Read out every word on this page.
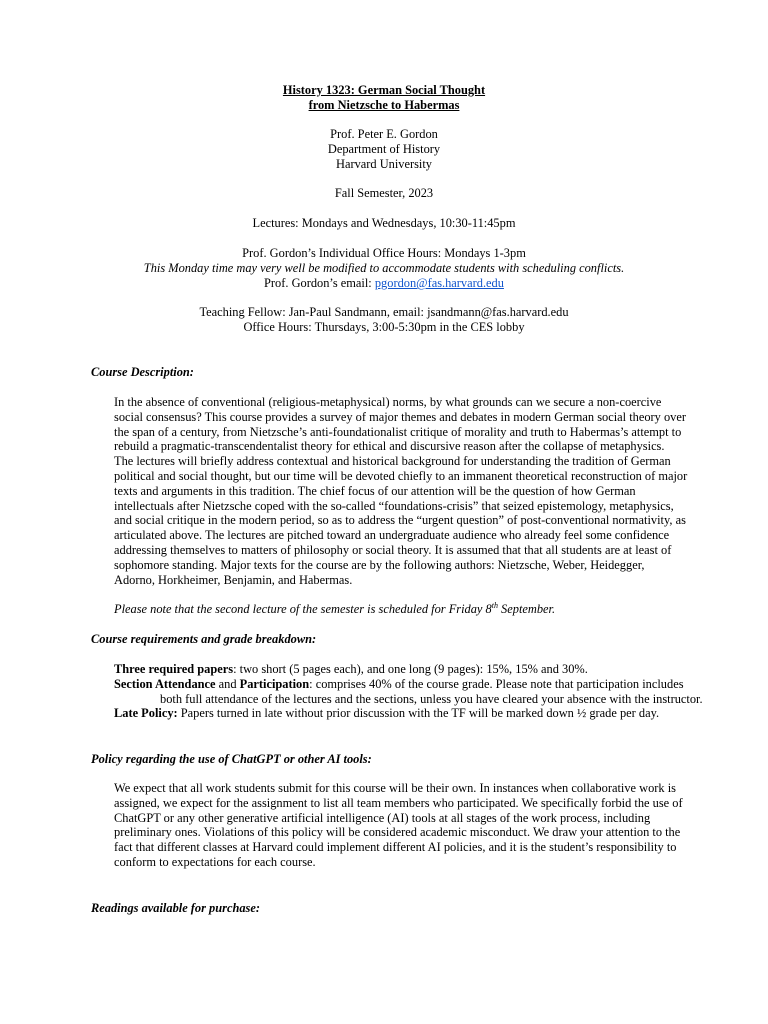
History 1323: German Social Thought
from Nietzsche to Habermas
Prof. Peter E. Gordon
Department of History
Harvard University
Fall Semester, 2023
Lectures: Mondays and Wednesdays, 10:30-11:45pm
Prof. Gordon’s Individual Office Hours: Mondays 1-3pm
This Monday time may very well be modified to accommodate students with scheduling conflicts.
Prof. Gordon’s email: pgordon@fas.harvard.edu
Teaching Fellow: Jan-Paul Sandmann, email: jsandmann@fas.harvard.edu
Office Hours: Thursdays, 3:00-5:30pm in the CES lobby
Course Description:
In the absence of conventional (religious-metaphysical) norms, by what grounds can we secure a non-coercive
social consensus? This course provides a survey of major themes and debates in modern German social theory over
the span of a century, from Nietzsche’s anti-foundationalist critique of morality and truth to Habermas’s attempt to
rebuild a pragmatic-transcendentalist theory for ethical and discursive reason after the collapse of metaphysics.
The lectures will briefly address contextual and historical background for understanding the tradition of German
political and social thought, but our time will be devoted chiefly to an immanent theoretical reconstruction of major
texts and arguments in this tradition. The chief focus of our attention will be the question of how German
intellectuals after Nietzsche coped with the so-called “foundations-crisis” that seized epistemology, metaphysics,
and social critique in the modern period, so as to address the “urgent question” of post-conventional normativity, as
articulated above. The lectures are pitched toward an undergraduate audience who already feel some confidence
addressing themselves to matters of philosophy or social theory. It is assumed that that all students are at least of
sophomore standing. Major texts for the course are by the following authors: Nietzsche, Weber, Heidegger,
Adorno, Horkheimer, Benjamin, and Habermas.
Please note that the second lecture of the semester is scheduled for Friday 8th September.
Course requirements and grade breakdown:
Three required papers: two short (5 pages each), and one long (9 pages): 15%, 15% and 30%.
Section Attendance and Participation: comprises 40% of the course grade. Please note that participation includes
both full attendance of the lectures and the sections, unless you have cleared your absence with the instructor.
Late Policy: Papers turned in late without prior discussion with the TF will be marked down ½ grade per day.
Policy regarding the use of ChatGPT or other AI tools:
We expect that all work students submit for this course will be their own. In instances when collaborative work is
assigned, we expect for the assignment to list all team members who participated. We specifically forbid the use of
ChatGPT or any other generative artificial intelligence (AI) tools at all stages of the work process, including
preliminary ones. Violations of this policy will be considered academic misconduct. We draw your attention to the
fact that different classes at Harvard could implement different AI policies, and it is the student’s responsibility to
conform to expectations for each course.
Readings available for purchase:
